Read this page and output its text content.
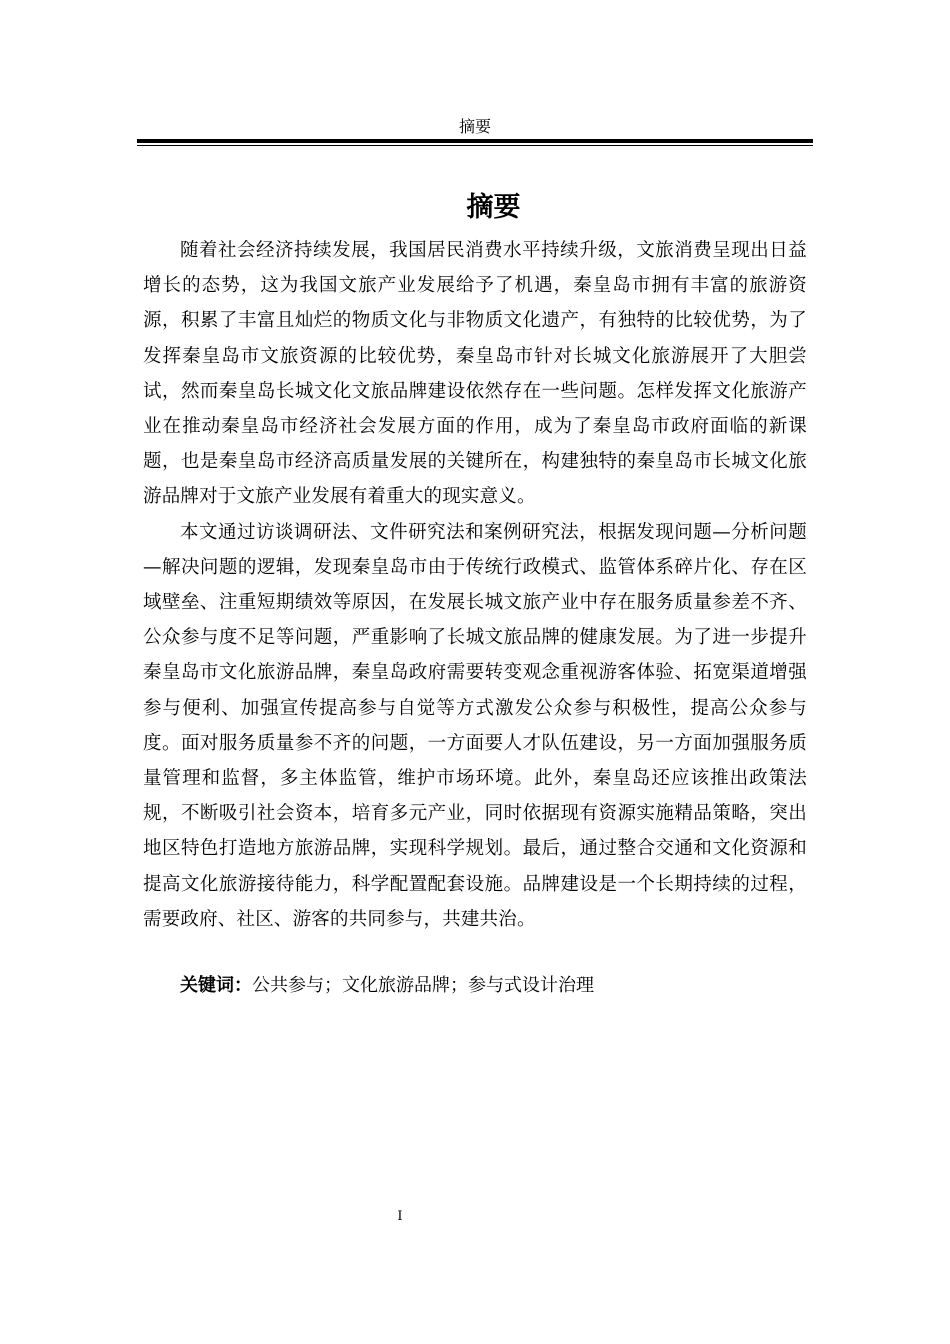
摘要
摘要

随着社会经济持续发展，我国居民消费水平持续升级，文旅消费呈现出日益增长的态势，这为我国文旅产业发展给予了机遇，秦皇岛市拥有丰富的旅游资源，积累了丰富且灿烂的物质文化与非物质文化遗产，有独特的比较优势，为了发挥秦皇岛市文旅资源的比较优势，秦皇岛市针对长城文化旅游展开了大胆尝试，然而秦皇岛长城文化文旅品牌建设依然存在一些问题。怎样发挥文化旅游产业在推动秦皇岛市经济社会发展方面的作用，成为了秦皇岛市政府面临的新课题，也是秦皇岛市经济高质量发展的关键所在，构建独特的秦皇岛市长城文化旅游品牌对于文旅产业发展有着重大的现实意义。

本文通过访谈调研法、文件研究法和案例研究法，根据发现问题—分析问题—解决问题的逻辑，发现秦皇岛市由于传统行政模式、监管体系碎片化、存在区域壁垒、注重短期绩效等原因，在发展长城文旅产业中存在服务质量参差不齐、公众参与度不足等问题，严重影响了长城文旅品牌的健康发展。为了进一步提升秦皇岛市文化旅游品牌，秦皇岛政府需要转变观念重视游客体验、拓宽渠道增强参与便利、加强宣传提高参与自觉等方式激发公众参与积极性，提高公众参与度。面对服务质量参不齐的问题，一方面要人才队伍建设，另一方面加强服务质量管理和监督，多主体监管，维护市场环境。此外，秦皇岛还应该推出政策法规，不断吸引社会资本，培育多元产业，同时依据现有资源实施精品策略，突出地区特色打造地方旅游品牌，实现科学规划。最后，通过整合交通和文化资源和提高文化旅游接待能力，科学配置配套设施。品牌建设是一个长期持续的过程，需要政府、社区、游客的共同参与，共建共治。

关键词：公共参与；文化旅游品牌；参与式设计治理
I
